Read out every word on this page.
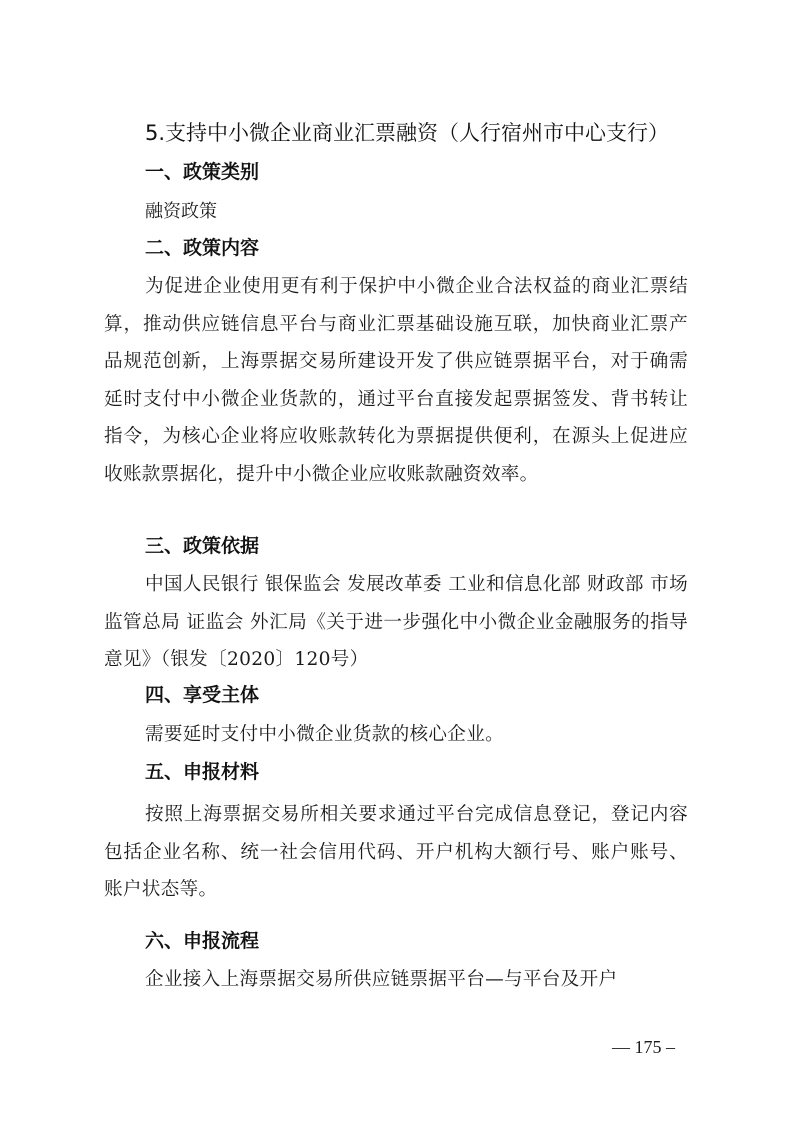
5.支持中小微企业商业汇票融资（人行宿州市中心支行）
一、政策类别
融资政策
二、政策内容
为促进企业使用更有利于保护中小微企业合法权益的商业汇票结算，推动供应链信息平台与商业汇票基础设施互联，加快商业汇票产品规范创新，上海票据交易所建设开发了供应链票据平台，对于确需延时支付中小微企业货款的，通过平台直接发起票据签发、背书转让指令，为核心企业将应收账款转化为票据提供便利，在源头上促进应收账款票据化，提升中小微企业应收账款融资效率。
三、政策依据
中国人民银行 银保监会 发展改革委 工业和信息化部 财政部 市场监管总局 证监会 外汇局《关于进一步强化中小微企业金融服务的指导意见》（银发〔2020〕120号）
四、享受主体
需要延时支付中小微企业货款的核心企业。
五、申报材料
按照上海票据交易所相关要求通过平台完成信息登记，登记内容包括企业名称、统一社会信用代码、开户机构大额行号、账户账号、账户状态等。
六、申报流程
企业接入上海票据交易所供应链票据平台—与平台及开户
— 175 –
